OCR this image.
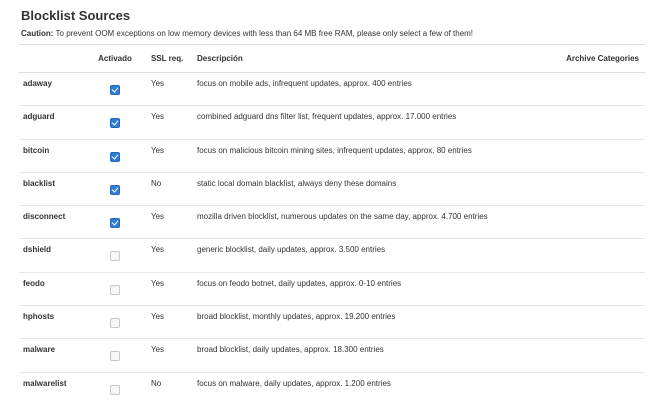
Blocklist Sources
Caution: To prevent OOM exceptions on low memory devices with less than 64 MB free RAM, please only select a few of them!
	Activado	SSL req.	Descripción	Archive Categories

adaway		Yes	focus on mobile ads, infrequent updates, approx. 400 entries	

adguard		Yes	combined adguard dns filter list, frequent updates, approx. 17.000 entries	

bitcoin		Yes	focus on malicious bitcoin mining sites, infrequent updates, approx. 80 entries	

blacklist		No	static local domain blacklist, always deny these domains	

disconnect		Yes	mozilla driven blocklist, numerous updates on the same day, approx. 4.700 entries	

dshield		Yes	generic blocklist, daily updates, approx. 3.500 entries	

feodo		Yes	focus on feodo botnet, daily updates, approx. 0-10 entries	

hphosts		Yes	broad blocklist, monthly updates, approx. 19.200 entries	

malware		Yes	broad blocklist, daily updates, approx. 18.300 entries	

malwarelist		No	focus on malware, daily updates, approx. 1.200 entries	
